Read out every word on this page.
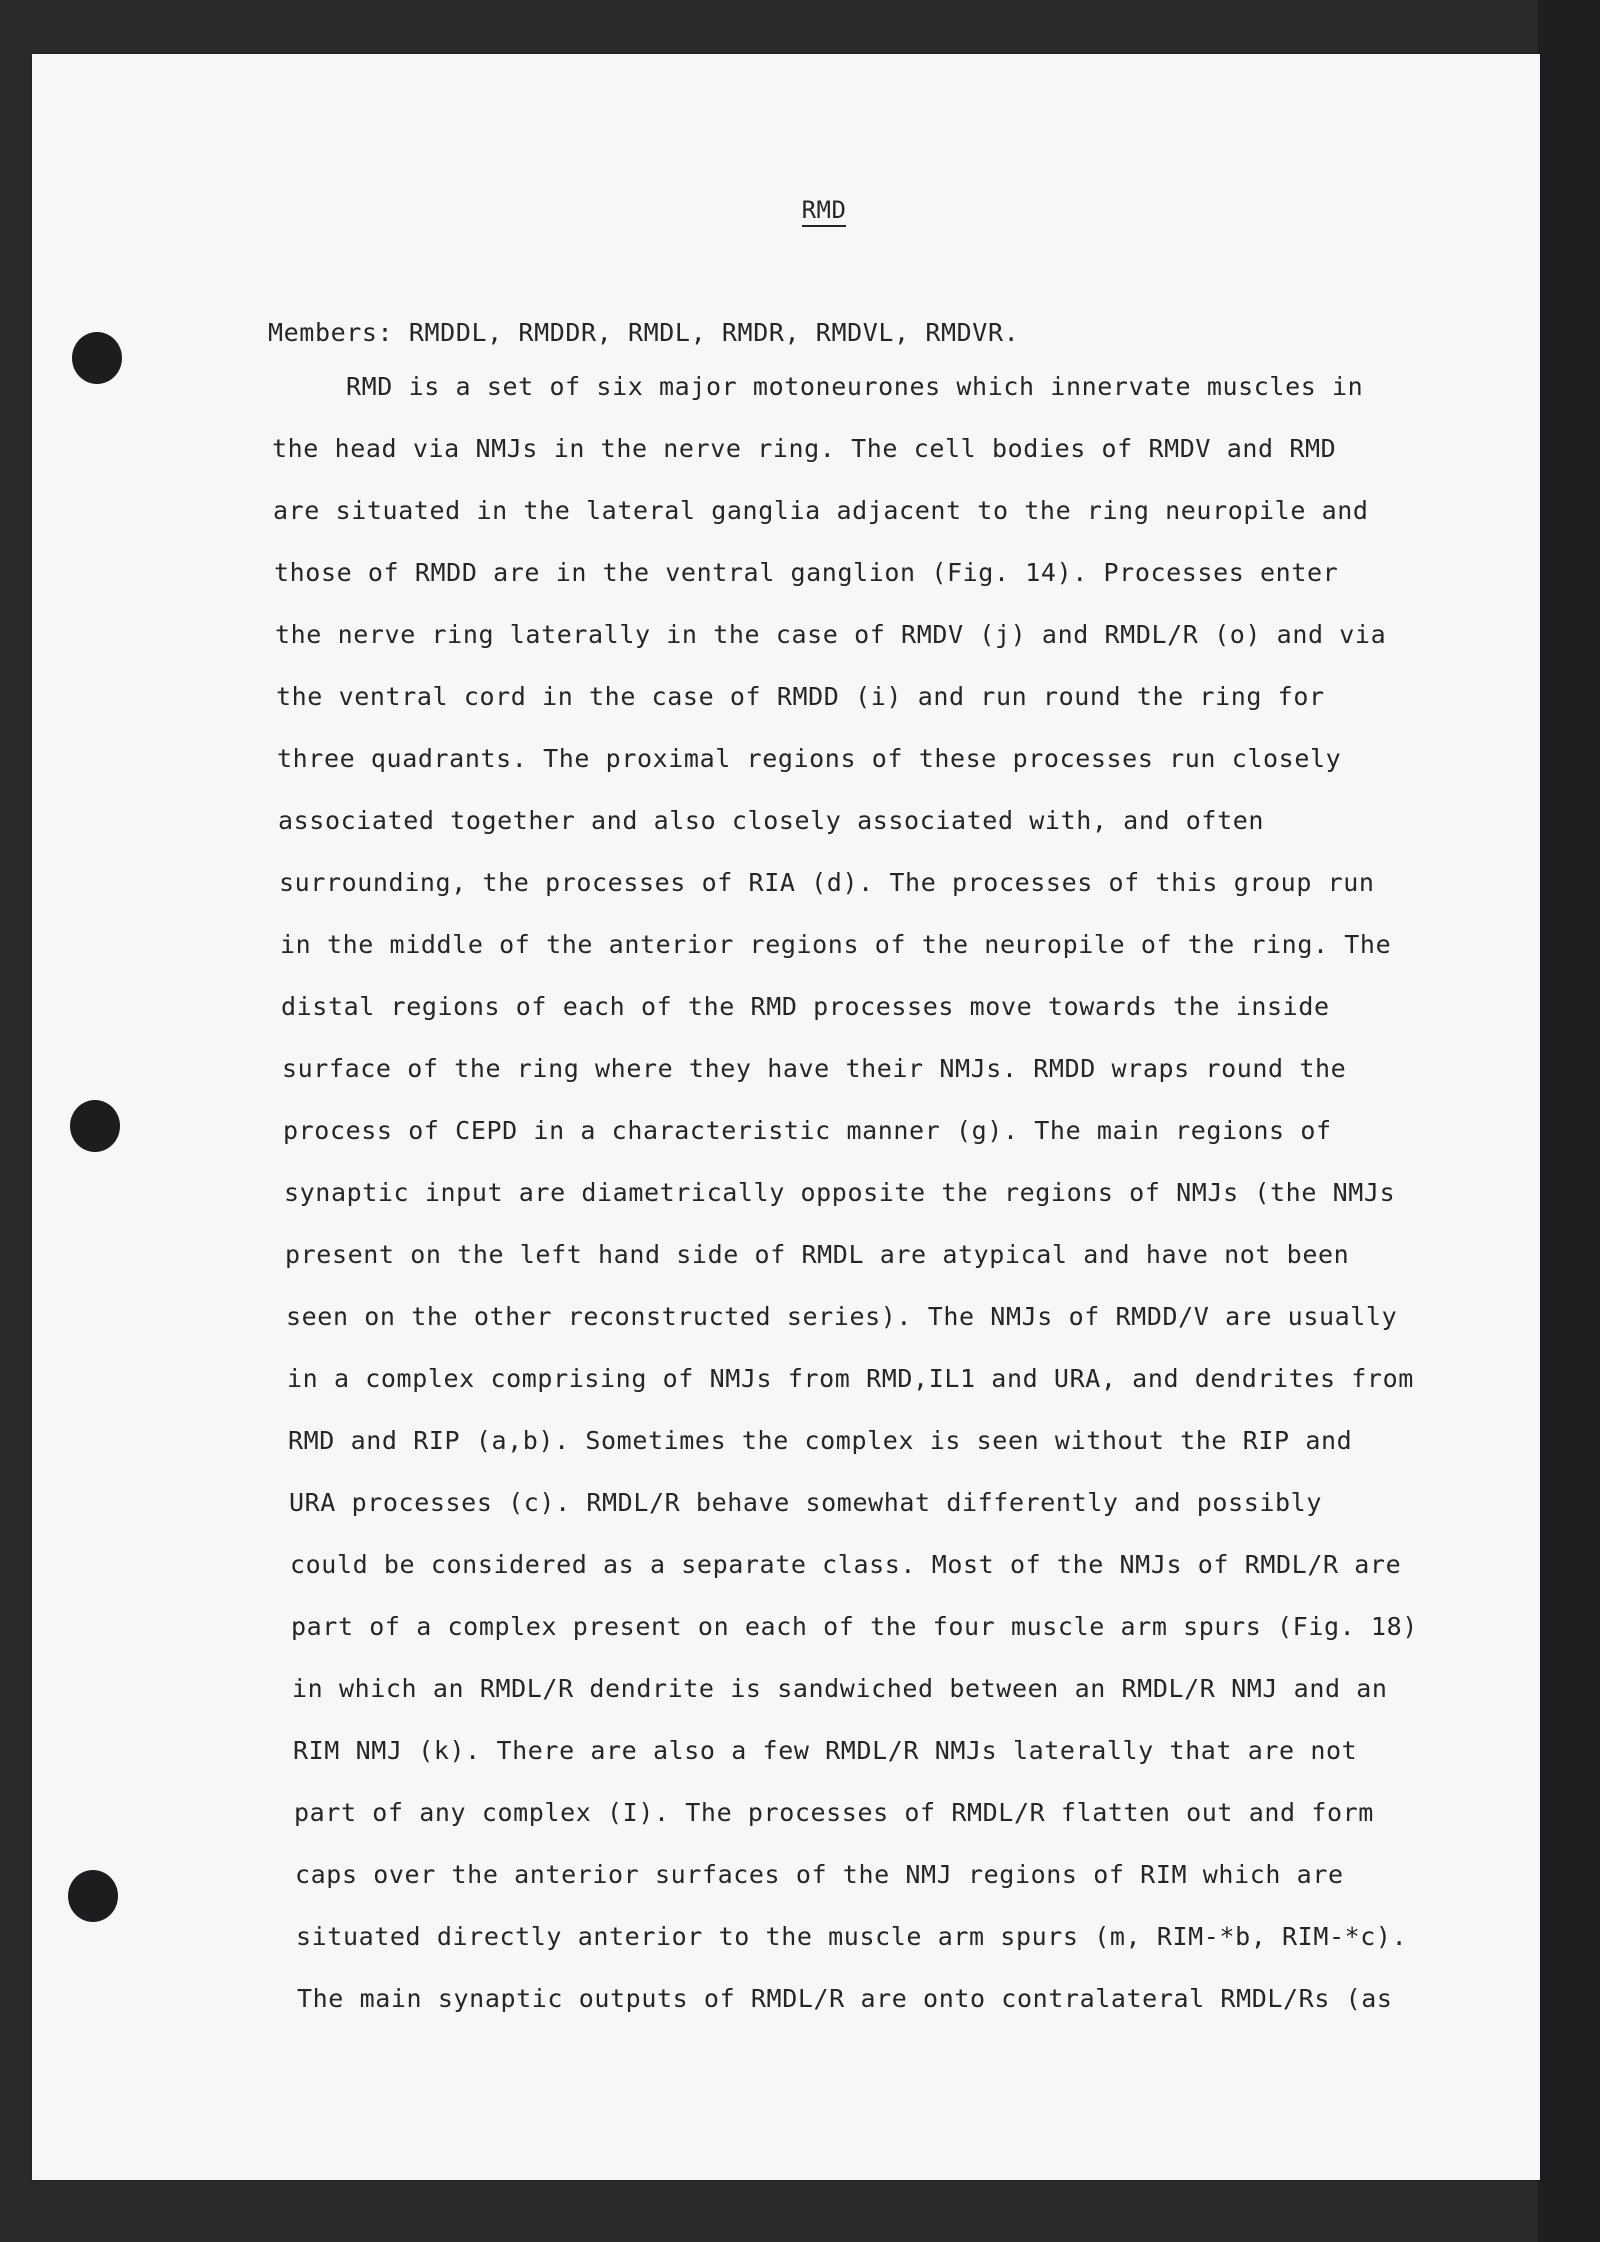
RMD
Members: RMDDL, RMDDR, RMDL, RMDR, RMDVL, RMDVR.
RMD is a set of six major motoneurones which innervate muscles in
the head via NMJs in the nerve ring. The cell bodies of RMDV and RMD
are situated in the lateral ganglia adjacent to the ring neuropile and
those of RMDD are in the ventral ganglion (Fig. 14). Processes enter
the nerve ring laterally in the case of RMDV (j) and RMDL/R (o) and via
the ventral cord in the case of RMDD (i) and run round the ring for
three quadrants. The proximal regions of these processes run closely
associated together and also closely associated with, and often
surrounding, the processes of RIA (d). The processes of this group run
in the middle of the anterior regions of the neuropile of the ring. The
distal regions of each of the RMD processes move towards the inside
surface of the ring where they have their NMJs. RMDD wraps round the
process of CEPD in a characteristic manner (g). The main regions of
synaptic input are diametrically opposite the regions of NMJs (the NMJs
present on the left hand side of RMDL are atypical and have not been
seen on the other reconstructed series). The NMJs of RMDD/V are usually
in a complex comprising of NMJs from RMD,IL1 and URA, and dendrites from
RMD and RIP (a,b). Sometimes the complex is seen without the RIP and
URA processes (c). RMDL/R behave somewhat differently and possibly
could be considered as a separate class. Most of the NMJs of RMDL/R are
part of a complex present on each of the four muscle arm spurs (Fig. 18)
in which an RMDL/R dendrite is sandwiched between an RMDL/R NMJ and an
RIM NMJ (k). There are also a few RMDL/R NMJs laterally that are not
part of any complex (I). The processes of RMDL/R flatten out and form
caps over the anterior surfaces of the NMJ regions of RIM which are
situated directly anterior to the muscle arm spurs (m, RIM-*b, RIM-*c).
The main synaptic outputs of RMDL/R are onto contralateral RMDL/Rs (as
